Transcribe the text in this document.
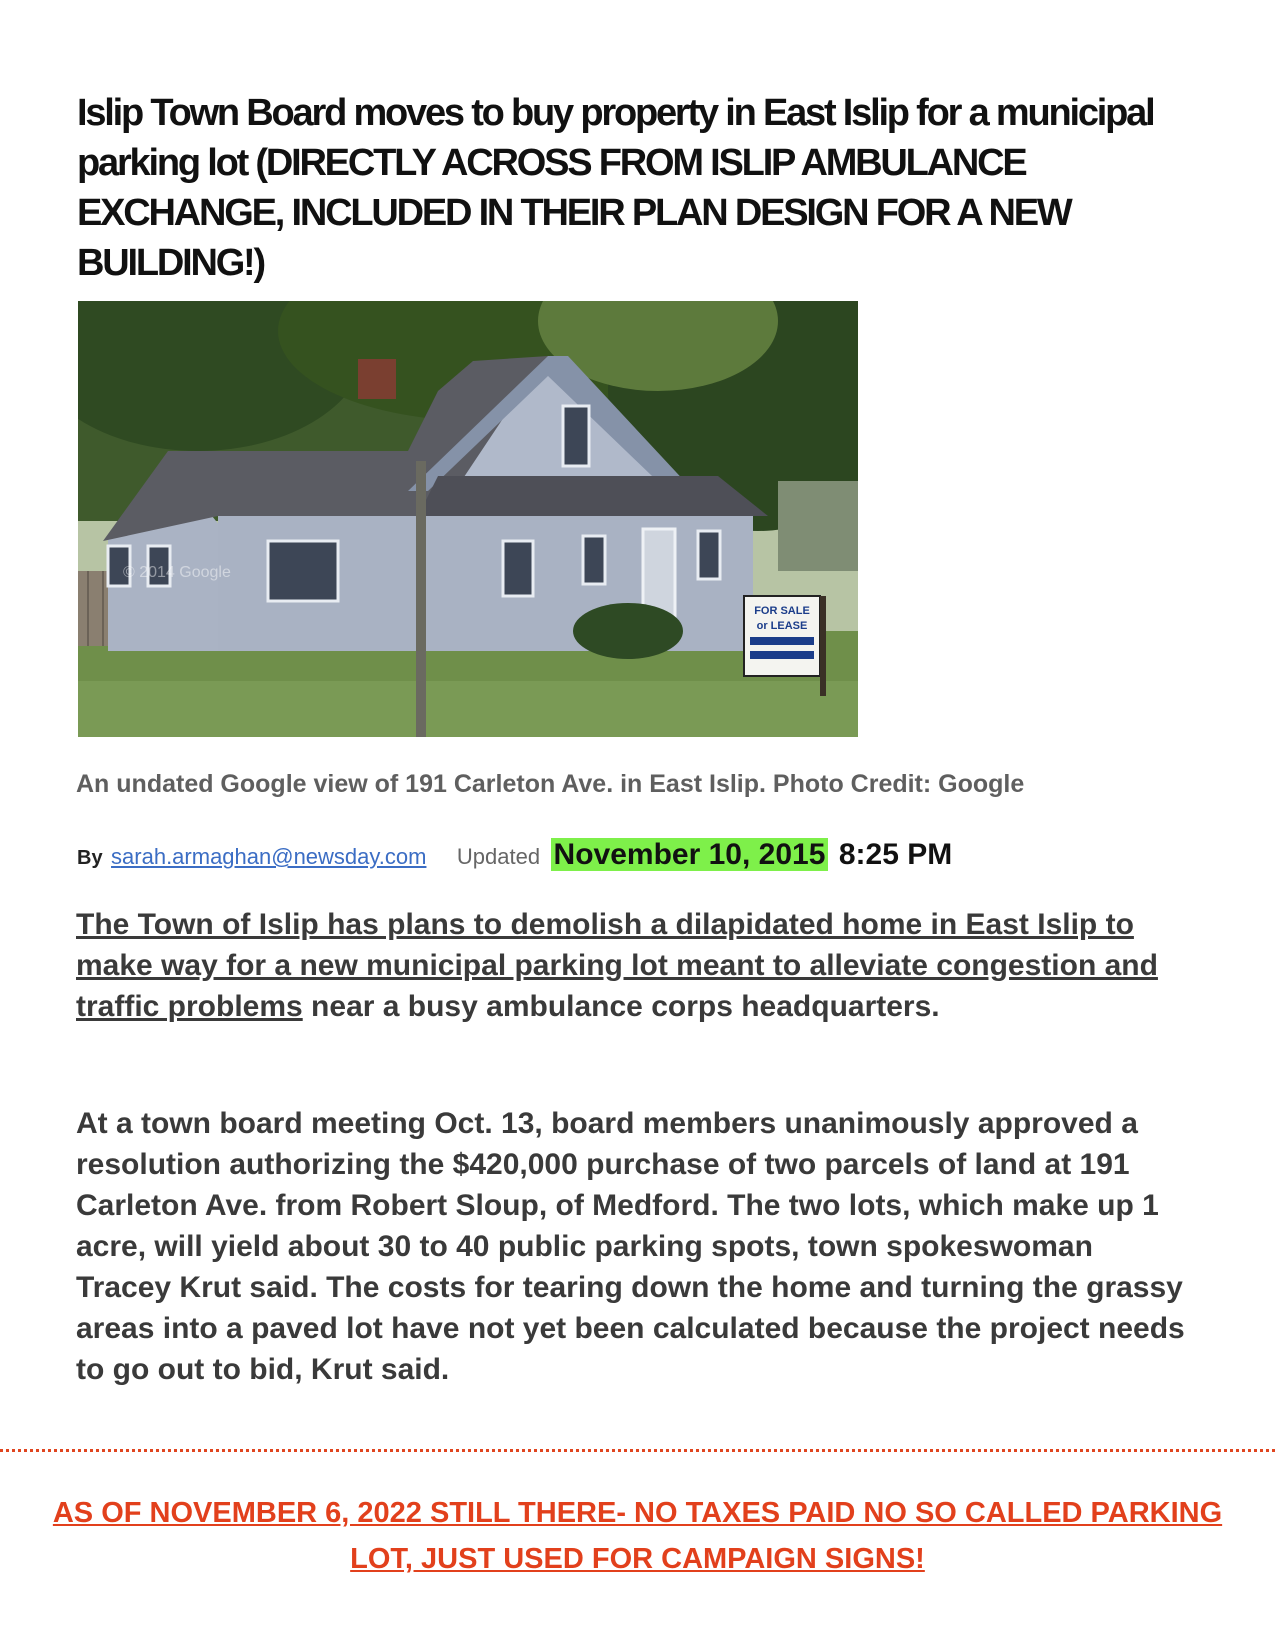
Islip Town Board moves to buy property in East Islip for a municipal parking lot (DIRECTLY ACROSS FROM ISLIP AMBULANCE EXCHANGE, INCLUDED IN THEIR PLAN DESIGN FOR A NEW BUILDING!)
FOR SALE
or LEASE
© 2014 Google

An undated Google view of 191 Carleton Ave. in East Islip. Photo Credit: Google

By sarah.armaghan@newsday.com Updated November 10, 2015 8:25 PM

The Town of Islip has plans to demolish a dilapidated home in East Islip to make way for a new municipal parking lot meant to alleviate congestion and traffic problems near a busy ambulance corps headquarters.

At a town board meeting Oct. 13, board members unanimously approved a resolution authorizing the $420,000 purchase of two parcels of land at 191 Carleton Ave. from Robert Sloup, of Medford. The two lots, which make up 1 acre, will yield about 30 to 40 public parking spots, town spokeswoman Tracey Krut said. The costs for tearing down the home and turning the grassy areas into a paved lot have not yet been calculated because the project needs to go out to bid, Krut said.

AS OF NOVEMBER 6, 2022 STILL THERE- NO TAXES PAID NO SO CALLED PARKING LOT, JUST USED FOR CAMPAIGN SIGNS!
